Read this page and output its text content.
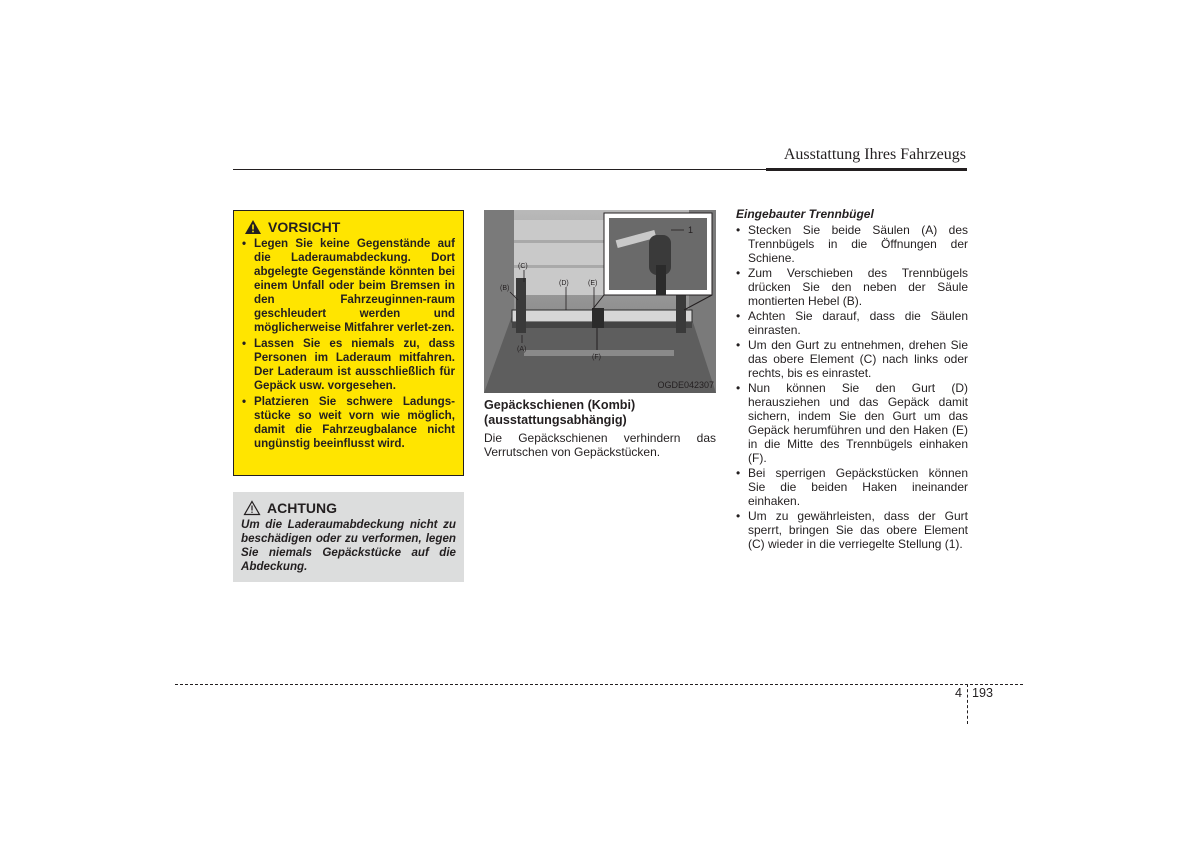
Ausstattung Ihres Fahrzeugs
VORSICHT
• Legen Sie keine Gegenstände auf die Laderaumabdeckung. Dort abgelegte Gegenstände könnten bei einem Unfall oder beim Bremsen in den Fahrzeuginnen-raum geschleudert werden und möglicherweise Mitfahrer verlet-zen.
• Lassen Sie es niemals zu, dass Personen im Laderaum mitfahren. Der Laderaum ist ausschließlich für Gepäck usw. vorgesehen.
• Platzieren Sie schwere Ladungs-stücke so weit vorn wie möglich, damit die Fahrzeugbalance nicht ungünstig beeinflusst wird.
ACHTUNG
Um die Laderaumabdeckung nicht zu beschädigen oder zu verformen, legen Sie niemals Gepäckstücke auf die Abdeckung.
1
(C)
(B)
(D)	(E)
(A)
(F)
OGDE042307
Gepäckschienen (Kombi)
(ausstattungsabhängig)
Die Gepäckschienen verhindern das Verrutschen von Gepäckstücken.
Eingebauter Trennbügel
• Stecken Sie beide Säulen (A) des Trennbügels in die Öffnungen der Schiene.
• Zum Verschieben des Trennbügels drücken Sie den neben der Säule montierten Hebel (B).
• Achten Sie darauf, dass die Säulen einrasten.
• Um den Gurt zu entnehmen, drehen Sie das obere Element (C) nach links oder rechts, bis es einrastet.
• Nun können Sie den Gurt (D) herausziehen und das Gepäck damit sichern, indem Sie den Gurt um das Gepäck herumführen und den Haken (E) in die Mitte des Trennbügels einhaken (F).
• Bei sperrigen Gepäckstücken können Sie die beiden Haken ineinander einhaken.
• Um zu gewährleisten, dass der Gurt sperrt, bringen Sie das obere Element (C) wieder in die verriegelte Stellung (1).
4 193
